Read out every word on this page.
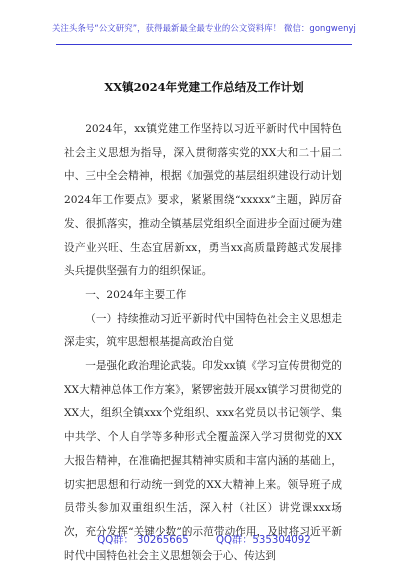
关注头条号“公文研究”，获得最新最全最专业的公文资料库！ 微信：gongwenyj
XX镇2024年党建工作总结及工作计划

2024年，xx镇党建工作坚持以习近平新时代中国特色社会主义思想为指导，深入贯彻落实党的XX大和二十届二中、三中全会精神，根据《加强党的基层组织建设行动计划2024年工作要点》要求，紧紧围绕“xxxxx”主题，踔厉奋发、很抓落实，推动全镇基层党组织全面进步全面过硬为建设产业兴旺、生态宜居新xx，勇当xx高质量跨越式发展排头兵提供坚强有力的组织保证。

一、2024年主要工作

（一）持续推动习近平新时代中国特色社会主义思想走深走实，筑牢思想根基提高政治自觉

一是强化政治理论武装。印发xx镇《学习宣传贯彻党的XX大精神总体工作方案》，紧锣密鼓开展xx镇学习贯彻党的XX大，组织全镇xxx个党组织、xxx名党员以书记领学、集中共学、个人自学等多种形式全覆盖深入学习贯彻党的XX大报告精神，在准确把握其精神实质和丰富内涵的基础上，切实把思想和行动统一到党的XX大精神上来。领导班子成员带头参加双重组织生活，深入村（社区）讲党课xxx场次，充分发挥“关键少数”的示范带动作用，及时将习近平新时代中国特色社会主义思想领会于心、传达到

QQ群： 30265665	QQ群：535304092
